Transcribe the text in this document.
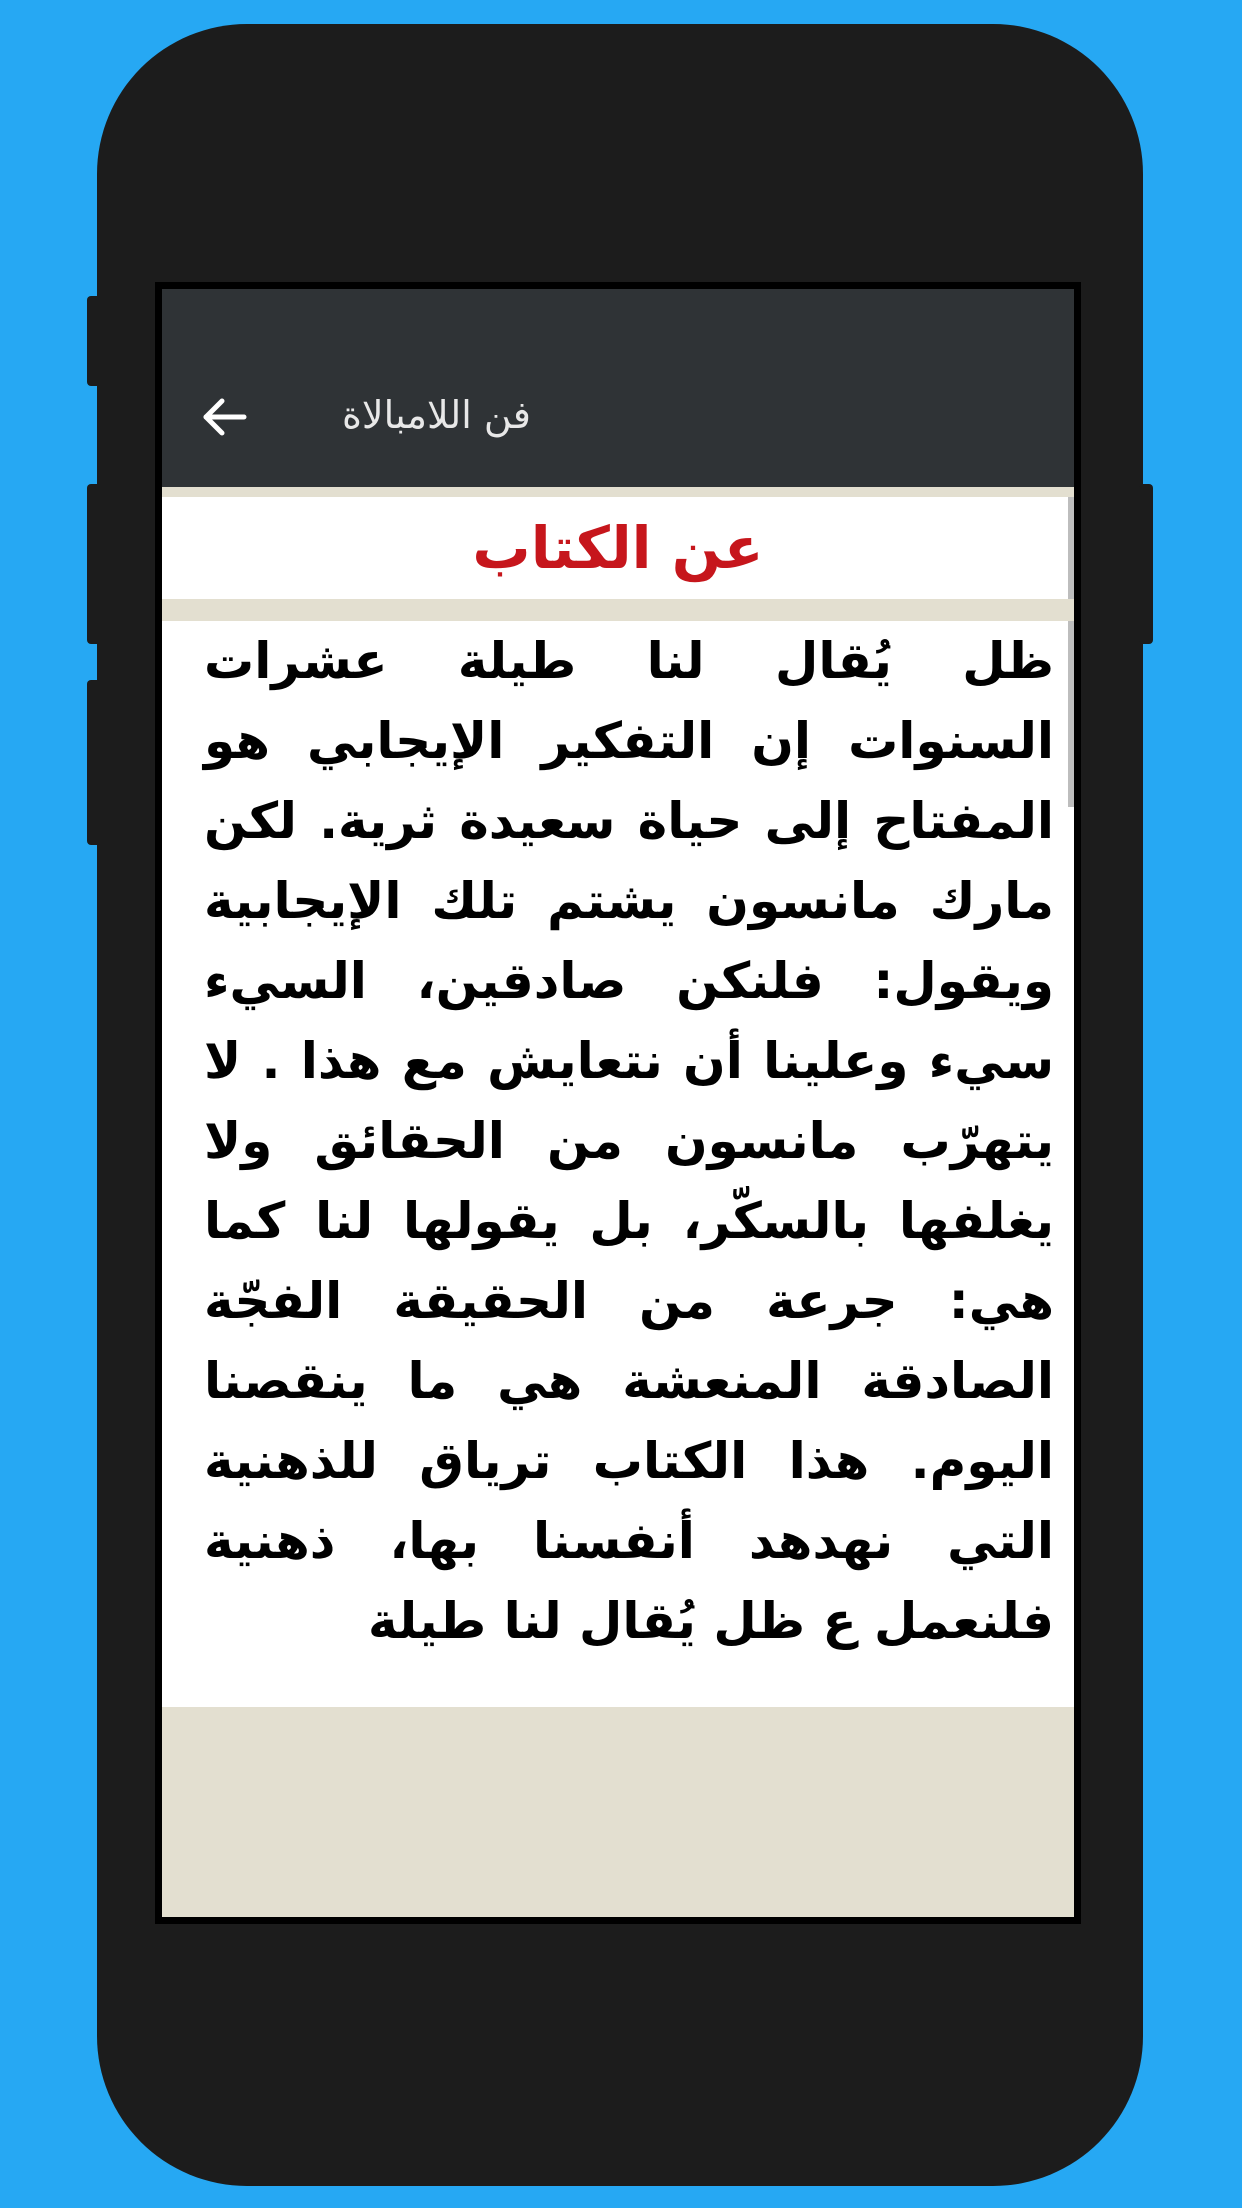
فن اللامبالاة
عن الكتاب

ظل يُقال لنا طيلة عشرات السنوات إن التفكير الإيجابي هو المفتاح إلى حياة سعيدة ثرية. لكن مارك مانسون يشتم تلك الإيجابية ويقول: فلنكن صادقين، السيء سيء وعلينا أن نتعايش مع هذا . لا يتهرّب مانسون من الحقائق ولا يغلفها بالسكّر، بل يقولها لنا كما هي: جرعة من الحقيقة الفجّة الصادقة المنعشة هي ما ينقصنا اليوم. هذا الكتاب ترياق للذهنية التي نهدهد أنفسنا بها، ذهنية فلنعمل ع ظل يُقال لنا طيلة
